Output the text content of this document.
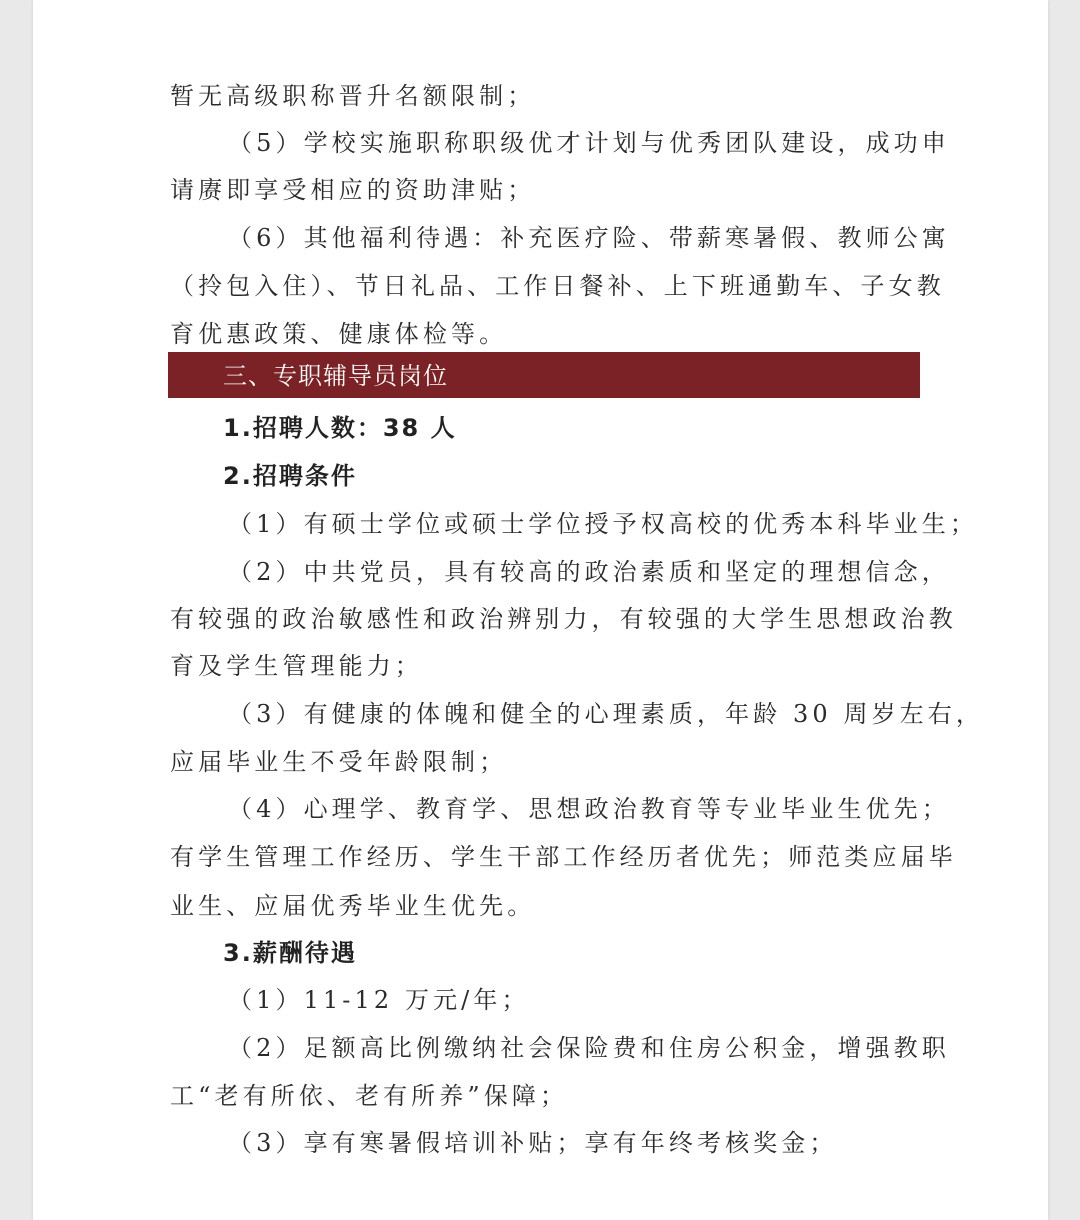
暂无高级职称晋升名额限制；
（5）学校实施职称职级优才计划与优秀团队建设，成功申
请赓即享受相应的资助津贴；
（6）其他福利待遇：补充医疗险、带薪寒暑假、教师公寓
（拎包入住）、节日礼品、工作日餐补、上下班通勤车、子女教
育优惠政策、健康体检等。
三、专职辅导员岗位
1.招聘人数：38 人
2.招聘条件
（1）有硕士学位或硕士学位授予权高校的优秀本科毕业生；
（2）中共党员，具有较高的政治素质和坚定的理想信念，
有较强的政治敏感性和政治辨别力，有较强的大学生思想政治教
育及学生管理能力；
（3）有健康的体魄和健全的心理素质，年龄 30 周岁左右，
应届毕业生不受年龄限制；
（4）心理学、教育学、思想政治教育等专业毕业生优先；
有学生管理工作经历、学生干部工作经历者优先；师范类应届毕
业生、应届优秀毕业生优先。
3.薪酬待遇
（1）11-12 万元/年；
（2）足额高比例缴纳社会保险费和住房公积金，增强教职
工“老有所依、老有所养”保障；
（3）享有寒暑假培训补贴；享有年终考核奖金；
